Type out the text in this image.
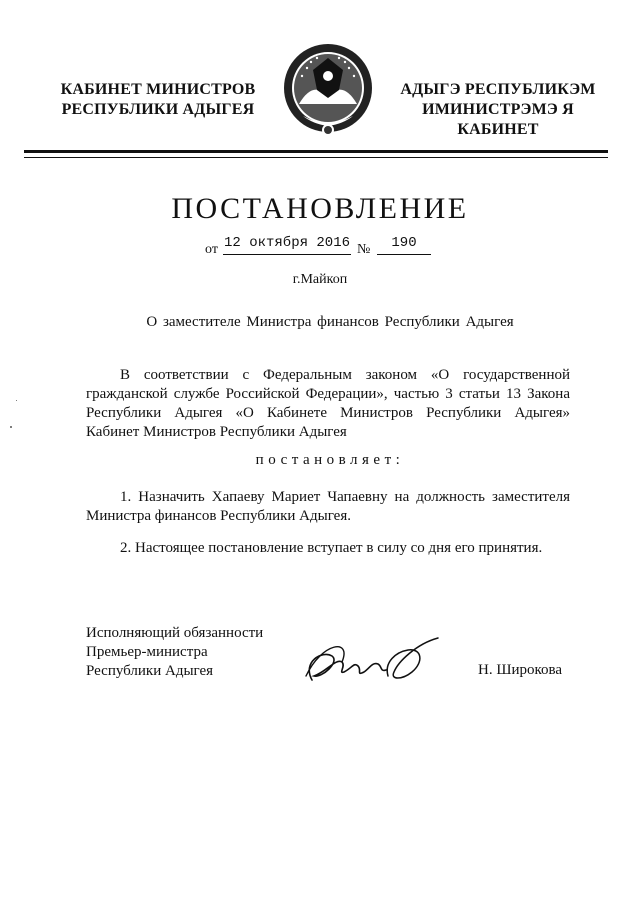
КАБИНЕТ МИНИСТРОВ
РЕСПУБЛИКИ АДЫГЕЯ
АДЫГЭ РЕСПУБЛИКЭМ
ИМИНИСТРЭМЭ Я КАБИНЕТ
ПОСТАНОВЛЕНИЕ
от 12 октября 2016 №	190
г.Майкоп
О заместителе Министра финансов Республики Адыгея
В соответствии с Федеральным законом «О государственной гражданской службе Российской Федерации», частью 3 статьи 13 Закона Республики Адыгея «О Кабинете Министров Республики Адыгея» Кабинет Министров Республики Адыгея
постановляет:
1. Назначить Хапаеву Мариет Чапаевну на должность заместителя Министра финансов Республики Адыгея.
2. Настоящее постановление вступает в силу со дня его принятия.
Исполняющий обязанности
Премьер-министра
Республики Адыгея	Н. Широкова
